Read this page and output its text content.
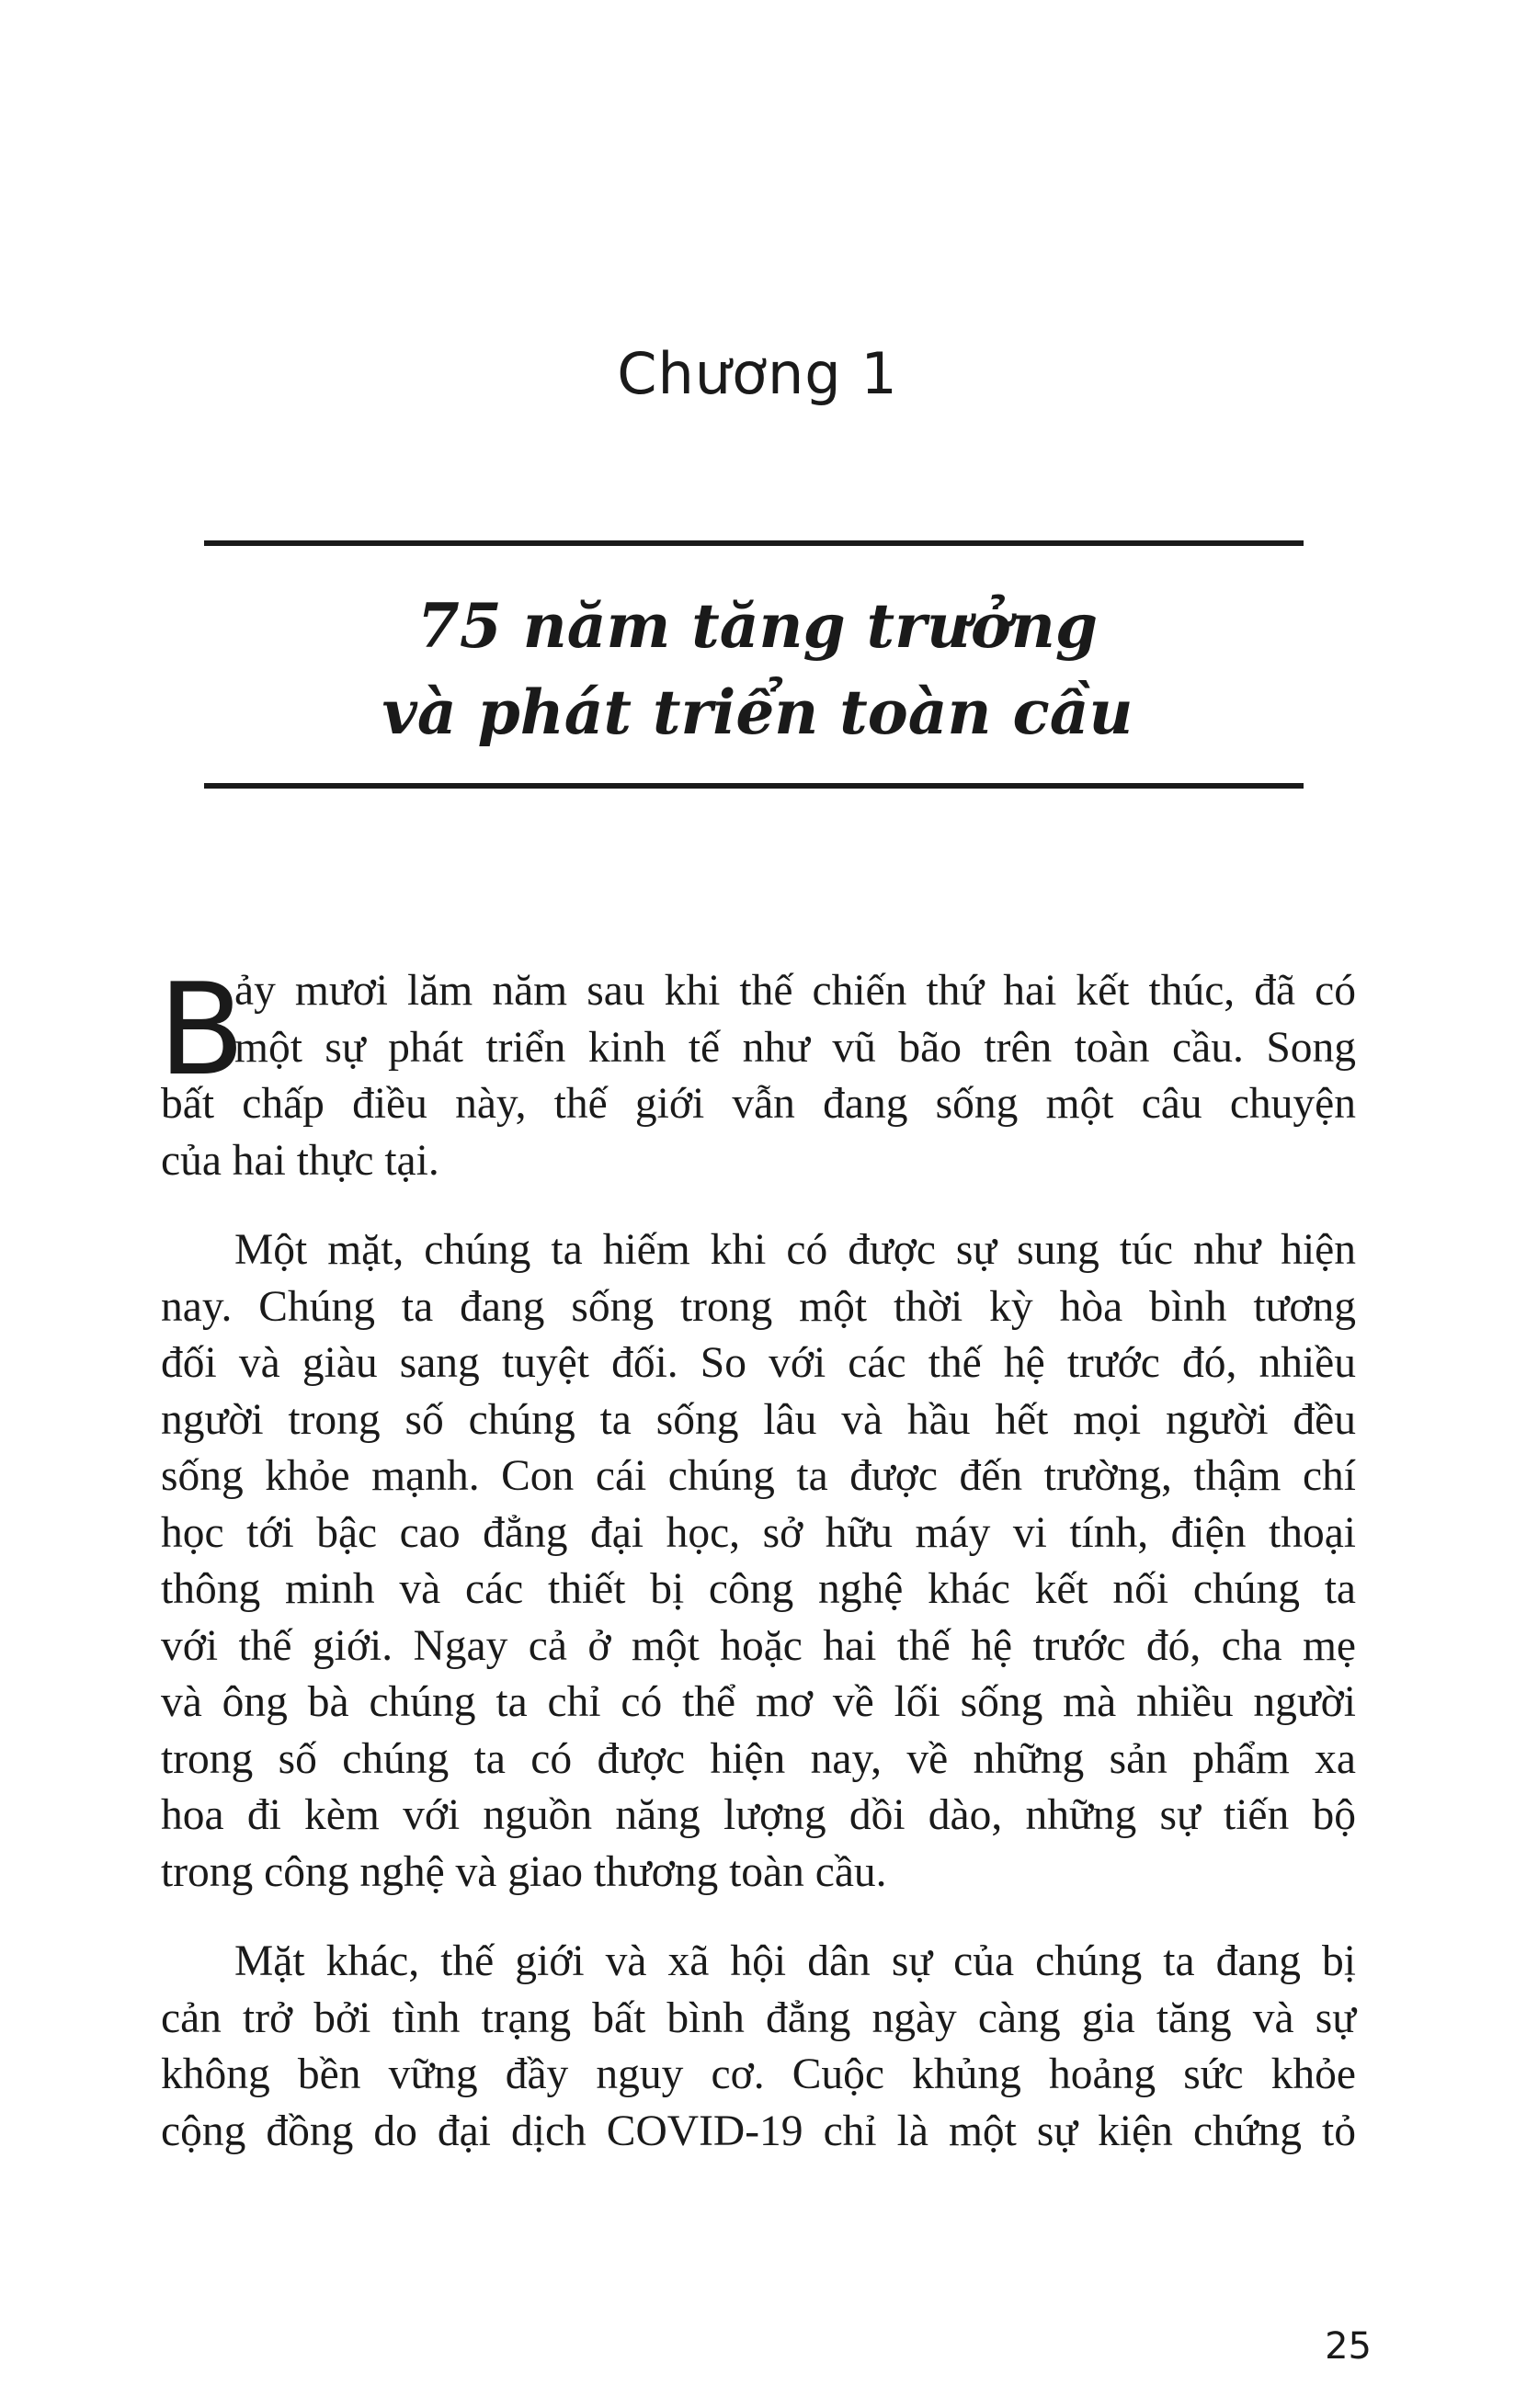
Chương 1
75 năm tăng trưởng
và phát triển toàn cầu
B
ảy mươi lăm năm sau khi thế chiến thứ hai kết thúc, đã có
một sự phát triển kinh tế như vũ bão trên toàn cầu. Song
bất chấp điều này, thế giới vẫn đang sống một câu chuyện
của hai thực tại.
Một mặt, chúng ta hiếm khi có được sự sung túc như hiện
nay. Chúng ta đang sống trong một thời kỳ hòa bình tương
đối và giàu sang tuyệt đối. So với các thế hệ trước đó, nhiều
người trong số chúng ta sống lâu và hầu hết mọi người đều
sống khỏe mạnh. Con cái chúng ta được đến trường, thậm chí
học tới bậc cao đẳng đại học, sở hữu máy vi tính, điện thoại
thông minh và các thiết bị công nghệ khác kết nối chúng ta
với thế giới. Ngay cả ở một hoặc hai thế hệ trước đó, cha mẹ
và ông bà chúng ta chỉ có thể mơ về lối sống mà nhiều người
trong số chúng ta có được hiện nay, về những sản phẩm xa
hoa đi kèm với nguồn năng lượng dồi dào, những sự tiến bộ
trong công nghệ và giao thương toàn cầu.
Mặt khác, thế giới và xã hội dân sự của chúng ta đang bị
cản trở bởi tình trạng bất bình đẳng ngày càng gia tăng và sự
không bền vững đầy nguy cơ. Cuộc khủng hoảng sức khỏe
cộng đồng do đại dịch COVID-19 chỉ là một sự kiện chứng tỏ
25
